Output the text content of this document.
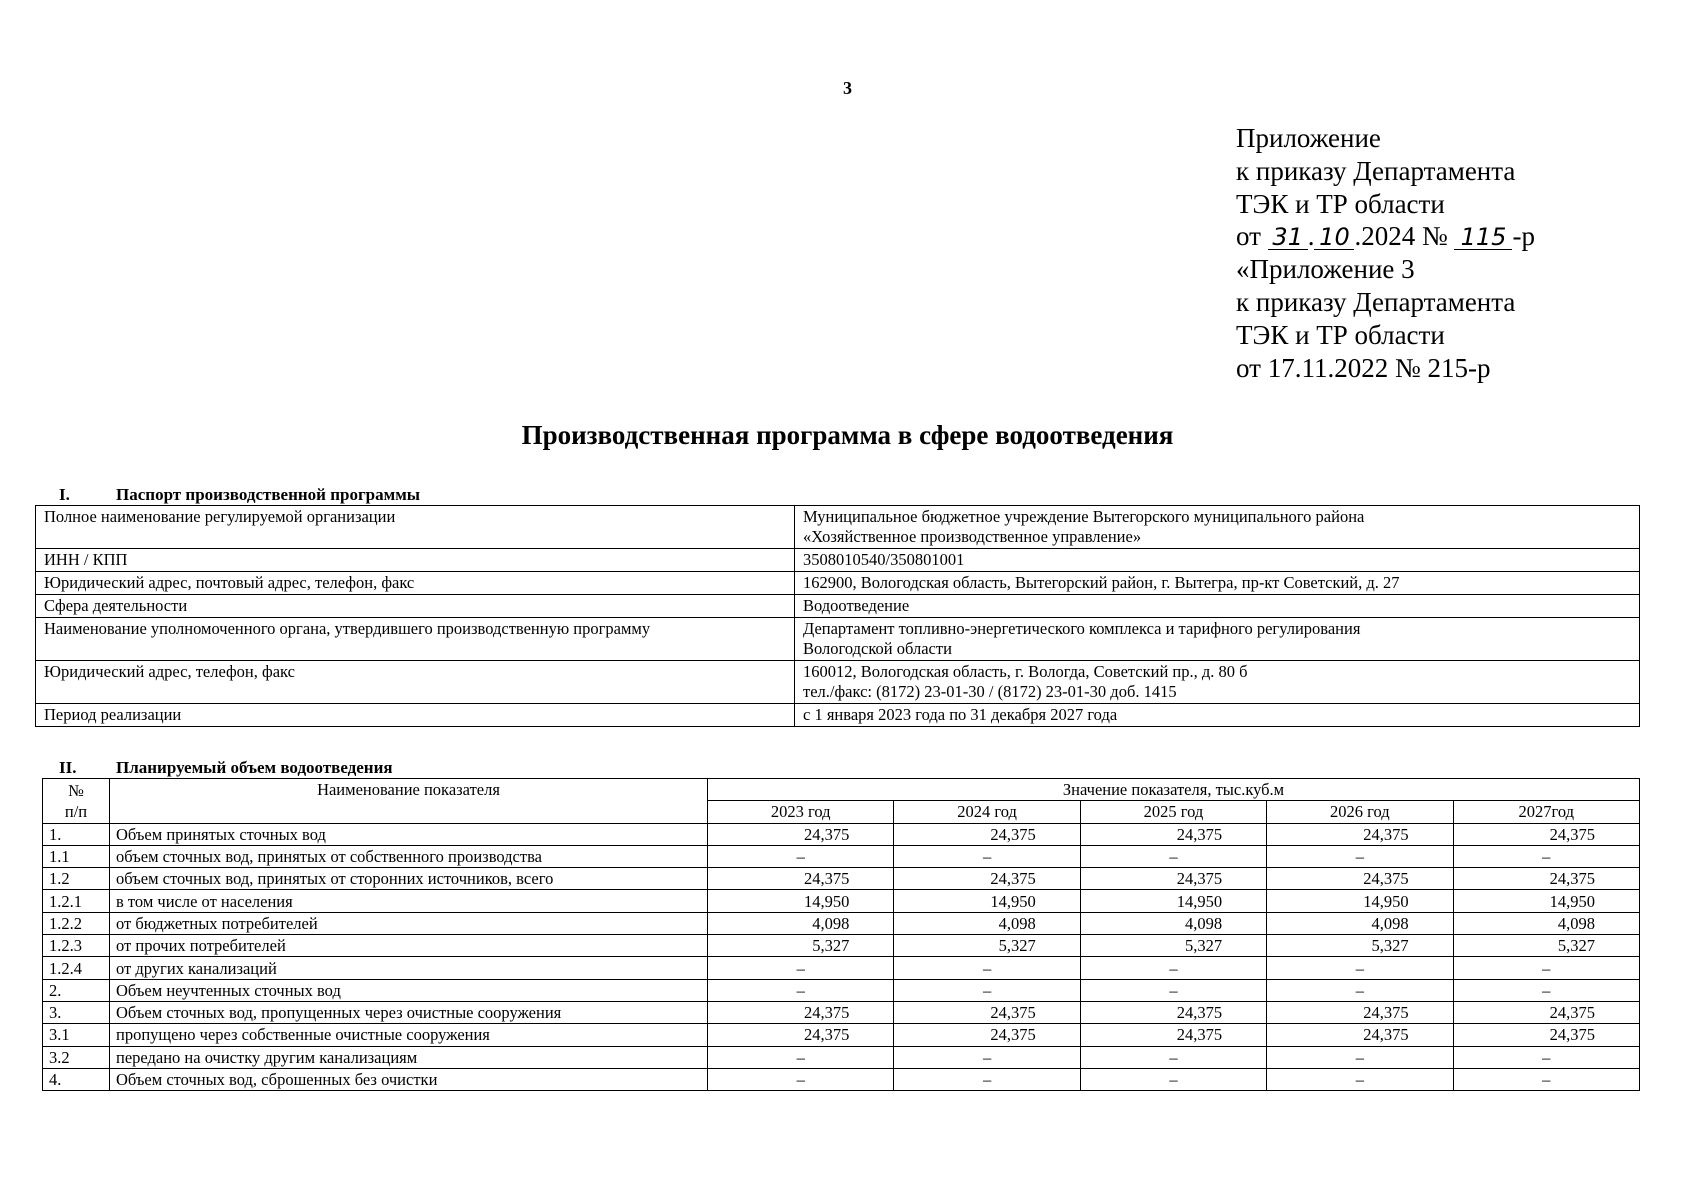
3
Приложение
к приказу Департамента
ТЭК и ТР области
от 31 . 10 .2024 № 115 -р
«Приложение 3
к приказу Департамента
ТЭК и ТР области
от 17.11.2022 № 215-р
Производственная программа в сфере водоотведения
I.	Паспорт производственной программы
Полное наименование регулируемой организации	Муниципальное бюджетное учреждение Вытегорского муниципального района
«Хозяйственное производственное управление»

ИНН / КПП	3508010540/350801001

Юридический адрес, почтовый адрес, телефон, факс	162900, Вологодская область, Вытегорский район, г. Вытегра, пр-кт Советский, д. 27

Сфера деятельности	Водоотведение

Наименование уполномоченного органа, утвердившего производственную программу	Департамент топливно-энергетического комплекса и тарифного регулирования
Вологодской области

Юридический адрес, телефон, факс	160012, Вологодская область, г. Вологда, Советский пр., д. 80 б
тел./факс: (8172) 23-01-30 / (8172) 23-01-30 доб. 1415

Период реализации	с 1 января 2023 года по 31 декабря 2027 года
II. Планируемый объем водоотведения
№
п/п	Наименование показателя	Значение показателя, тыс.куб.м				
		2023 год	2024 год	2025 год	2026 год	2027год
1.	Объем принятых сточных вод	24,375	24,375	24,375	24,375	24,375
1.1	объем сточных вод, принятых от собственного производства	–	–	–	–	–
1.2	объем сточных вод, принятых от сторонних источников, всего	24,375	24,375	24,375	24,375	24,375
1.2.1	в том числе от населения	14,950	14,950	14,950	14,950	14,950
1.2.2	от бюджетных потребителей	4,098	4,098	4,098	4,098	4,098
1.2.3	от прочих потребителей	5,327	5,327	5,327	5,327	5,327
1.2.4	от других канализаций	–	–	–	–	–
2.	Объем неучтенных сточных вод	–	–	–	–	–
3.	Объем сточных вод, пропущенных через очистные сооружения	24,375	24,375	24,375	24,375	24,375
3.1	пропущено через собственные очистные сооружения	24,375	24,375	24,375	24,375	24,375
3.2	передано на очистку другим канализациям	–	–	–	–	–
4.	Объем сточных вод, сброшенных без очистки	–	–	–	–	–
